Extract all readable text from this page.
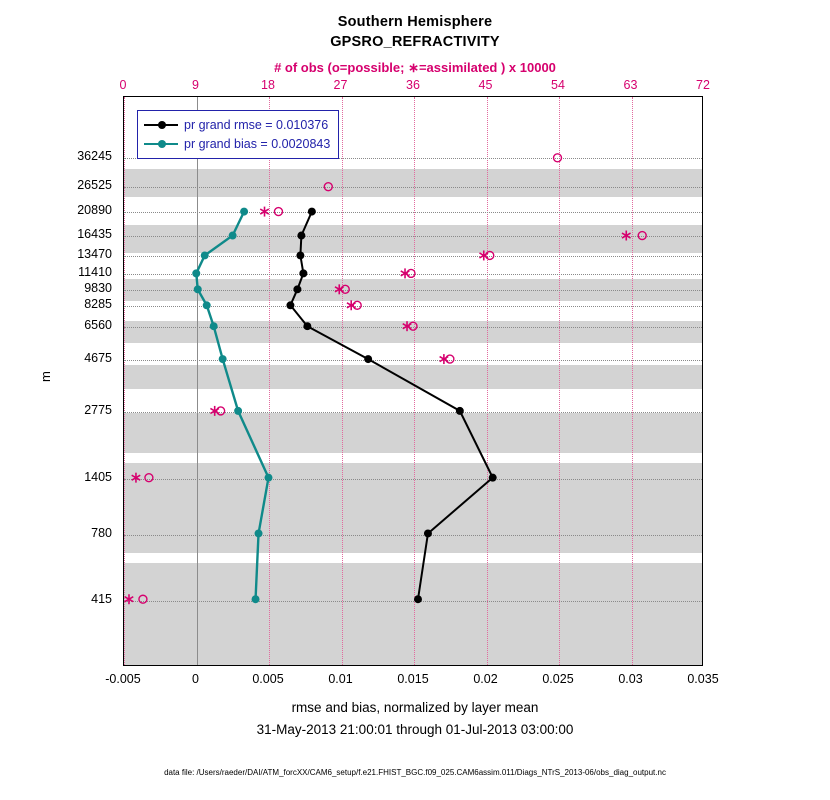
Southern Hemisphere
GPSRO_REFRACTIVITY
# of obs (o=possible; ∗=assimilated ) x 10000
pr grand rmse = 0.010376
pr grand bias = 0.0020843
0	9	18	27	36	45	54	63	72
-0.005	0	0.005	0.01	0.015	0.02	0.025	0.03	0.035
36245
26525
20890
16435
13470
11410
9830
8285
6560
4675
2775
1405
780
415
m
rmse and bias, normalized by layer mean
31-May-2013 21:00:01 through 01-Jul-2013 03:00:00
data file: /Users/raeder/DAI/ATM_forcXX/CAM6_setup/f.e21.FHIST_BGC.f09_025.CAM6assim.011/Diags_NTrS_2013-06/obs_diag_output.nc
